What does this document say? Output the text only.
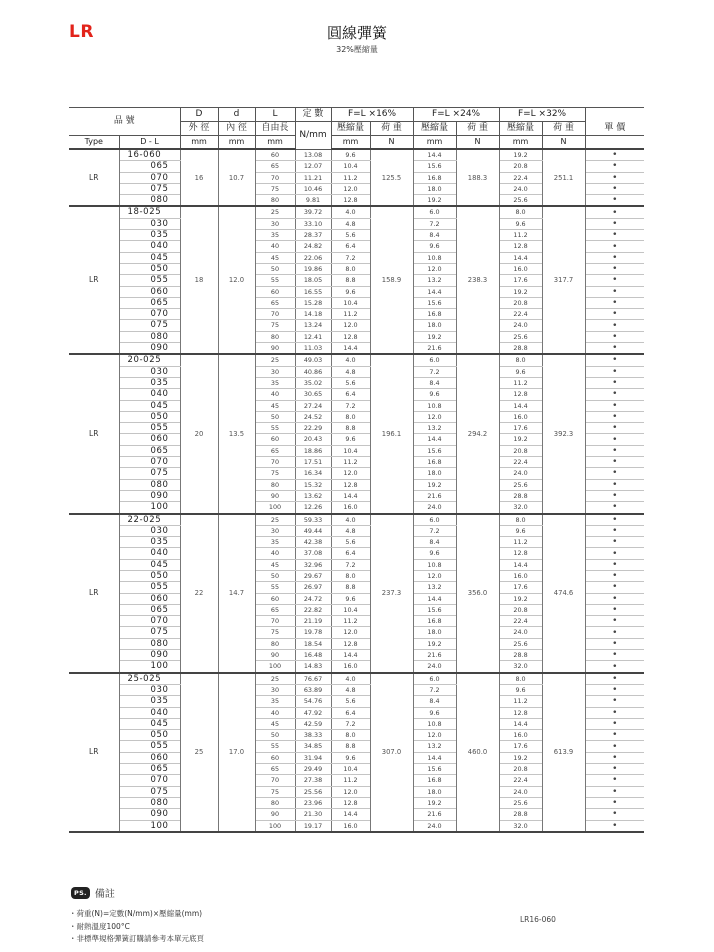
LR	圓線彈簧
32%壓縮量
品 號		D	d	L	定 數	F=L ×16%		F=L ×24%		F=L ×32%		
		外 徑	內 徑	自由長	N/mm	壓縮量	荷 重	壓縮量	荷 重	壓縮量	荷 重	單 價
Type	D - L	mm	mm	mm		mm	N	mm	N	mm	N	
LR	16-060	16	10.7	60	13.08	9.6	125.5	14.4	188.3	19.2	251.1	•
	065			65	12.07	10.4		15.6		20.8		•
	070			70	11.21	11.2		16.8		22.4		•
	075			75	10.46	12.0		18.0		24.0		•
	080			80	9.81	12.8		19.2		25.6		•
LR	18-025	18	12.0	25	39.72	4.0	158.9	6.0	238.3	8.0	317.7	•
	030			30	33.10	4.8		7.2		9.6		•
	035			35	28.37	5.6		8.4		11.2		•
	040			40	24.82	6.4		9.6		12.8		•
	045			45	22.06	7.2		10.8		14.4		•
	050			50	19.86	8.0		12.0		16.0		•
	055			55	18.05	8.8		13.2		17.6		•
	060			60	16.55	9.6		14.4		19.2		•
	065			65	15.28	10.4		15.6		20.8		•
	070			70	14.18	11.2		16.8		22.4		•
	075			75	13.24	12.0		18.0		24.0		•
	080			80	12.41	12.8		19.2		25.6		•
	090			90	11.03	14.4		21.6		28.8		•
LR	20-025	20	13.5	25	49.03	4.0	196.1	6.0	294.2	8.0	392.3	•
	030			30	40.86	4.8		7.2		9.6		•
	035			35	35.02	5.6		8.4		11.2		•
	040			40	30.65	6.4		9.6		12.8		•
	045			45	27.24	7.2		10.8		14.4		•
	050			50	24.52	8.0		12.0		16.0		•
	055			55	22.29	8.8		13.2		17.6		•
	060			60	20.43	9.6		14.4		19.2		•
	065			65	18.86	10.4		15.6		20.8		•
	070			70	17.51	11.2		16.8		22.4		•
	075			75	16.34	12.0		18.0		24.0		•
	080			80	15.32	12.8		19.2		25.6		•
	090			90	13.62	14.4		21.6		28.8		•
	100			100	12.26	16.0		24.0		32.0		•
LR	22-025	22	14.7	25	59.33	4.0	237.3	6.0	356.0	8.0	474.6	•
	030			30	49.44	4.8		7.2		9.6		•
	035			35	42.38	5.6		8.4		11.2		•
	040			40	37.08	6.4		9.6		12.8		•
	045			45	32.96	7.2		10.8		14.4		•
	050			50	29.67	8.0		12.0		16.0		•
	055			55	26.97	8.8		13.2		17.6		•
	060			60	24.72	9.6		14.4		19.2		•
	065			65	22.82	10.4		15.6		20.8		•
	070			70	21.19	11.2		16.8		22.4		•
	075			75	19.78	12.0		18.0		24.0		•
	080			80	18.54	12.8		19.2		25.6		•
	090			90	16.48	14.4		21.6		28.8		•
	100			100	14.83	16.0		24.0		32.0		•
LR	25-025	25	17.0	25	76.67	4.0	307.0	6.0	460.0	8.0	613.9	•
	030			30	63.89	4.8		7.2		9.6		•
	035			35	54.76	5.6		8.4		11.2		•
	040			40	47.92	6.4		9.6		12.8		•
	045			45	42.59	7.2		10.8		14.4		•
	050			50	38.33	8.0		12.0		16.0		•
	055			55	34.85	8.8		13.2		17.6		•
	060			60	31.94	9.6		14.4		19.2		•
	065			65	29.49	10.4		15.6		20.8		•
	070			70	27.38	11.2		16.8		22.4		•
	075			75	25.56	12.0		18.0		24.0		•
	080			80	23.96	12.8		19.2		25.6		•
	090			90	21.30	14.4		21.6		28.8		•
	100			100	19.17	16.0		24.0		32.0		•
PS. 備註
・荷重(N)=定數(N/mm)×壓縮量(mm)
・耐熱溫度100°C
・非標準規格彈簧訂購請參考本單元底頁
LR16-060
